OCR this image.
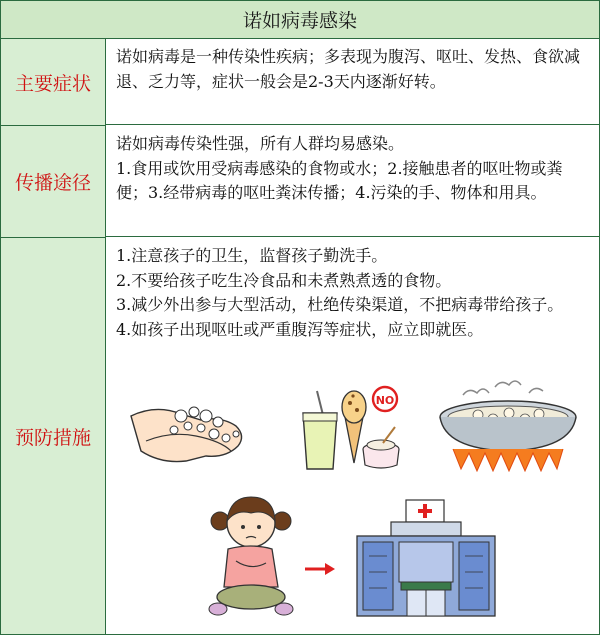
诺如病毒感染
主要症状

诺如病毒是一种传染性疾病；多表现为腹泻、呕吐、发热、食欲减退、乏力等，症状一般会是2-3天内逐渐好转。

传播途径

诺如病毒传染性强，所有人群均易感染。

1.食用或饮用受病毒感染的食物或水；2.接触患者的呕吐物或粪便；3.经带病毒的呕吐粪沫传播；4.污染的手、物体和用具。

预防措施

1.注意孩子的卫生，监督孩子勤洗手。

2.不要给孩子吃生冷食品和未煮熟煮透的食物。

3.减少外出参与大型活动，杜绝传染渠道，不把病毒带给孩子。

4.如孩子出现呕吐或严重腹泻等症状，应立即就医。

NO
